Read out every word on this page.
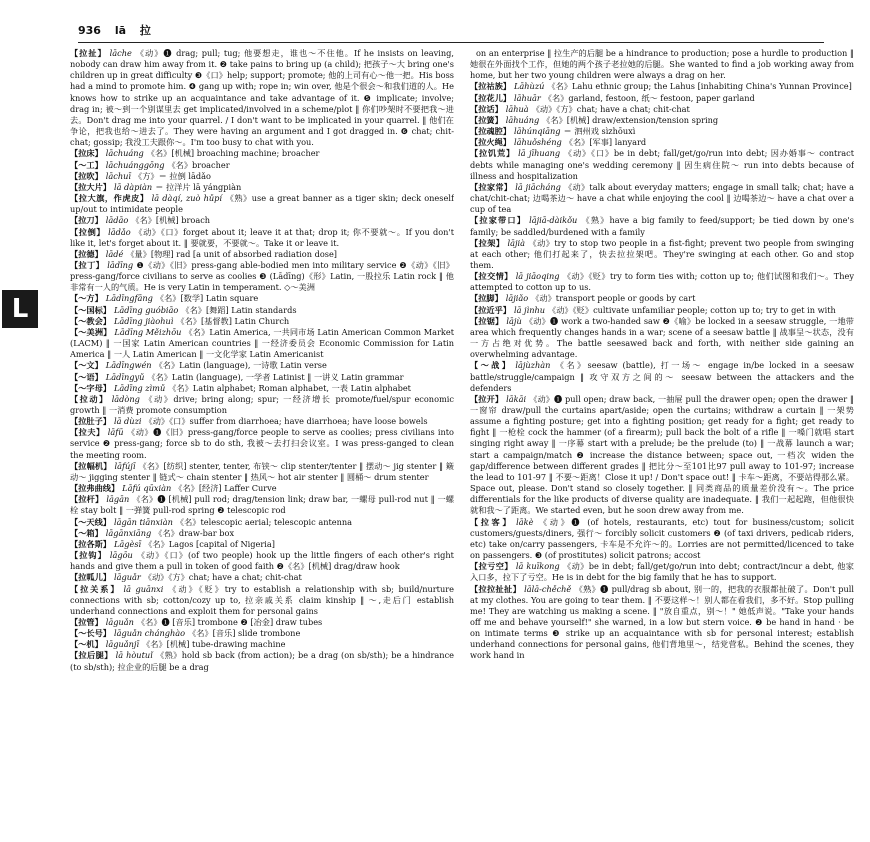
936 lā 拉
L

【拉扯】 lāche 《动》❶ drag; pull; tug; 他要想走，谁也～不住他。If he insists on leaving, nobody can draw him away from it. ❷ take pains to bring up (a child); 把孩子～大 bring one's children up in great difficulty ❸《口》help; support; promote; 他的上司有心～他一把。His boss had a mind to promote him. ❹ gang up with; rope in; win over, 他是个很会～和我们道的人。He knows how to strike up an acquaintance and take advantage of it. ❺ implicate; involve; drag in; 被～到一个别谋里去 get implicated/involved in a scheme/plot ‖ 你们吵架时不要把我～进去。Don't drag me into your quarrel. / I don't want to be implicated in your quarrel. ‖ 他们在争论，把我也给～进去了。They were having an argument and I got dragged in. ❻ chat; chit-chat; gossip; 我没工夫跟你～。I'm too busy to chat with you.

【拉床】 lāchuáng 《名》[机械] broaching machine; broacher

【～工】 lāchuánggōng 《名》broacher

【拉吹】 lāchuī 《方》＝ 拉倒 lādǎo

【拉大片】 lā dàpiàn ＝ 拉洋片 lā yángpiàn

【拉大旗，作虎皮】 lā dàqí, zuò hǔpí 《熟》use a great banner as a tiger skin; deck oneself up/out to intimidate people

【拉刀】 lādāo 《名》[机械] broach

【拉倒】 lādǎo 《动》《口》forget about it; leave it at that; drop it; 你不要就～。If you don't like it, let's forget about it. ‖ 要就要，不要就～。Take it or leave it.

【拉德】 lādé 《量》[物理] rad [a unit of absorbed radiation dose]

【拉丁】 lādīng ❶《动》《旧》press-gang able-bodied men into military service ❷《动》《旧》press-gang/force civilians to serve as coolies ❸ (Lādīng)《形》Latin, 一股拉乐 Latin rock ‖ 他非常有一人的气质。He is very Latin in temperament. ◇～美洲

【～方】 Lādīngfāng 《名》[数学] Latin square

【～国标】 Lādīng guóbiāo 《名》[舞蹈] Latin standards

【～教会】 Lādīng jiàohuì 《名》[基督教] Latin Church

【～美洲】 Lādīng Měizhōu 《名》Latin America, 一共同市场 Latin American Common Market (LACM) ‖ 一国家 Latin American countries ‖ 一经济委员会 Economic Commission for Latin America ‖ 一人 Latin American ‖ 一文化学家 Latin Americanist

【～文】 Lādīngwén 《名》Latin (language), 一诗歌 Latin verse

【～语】 Lādīngyǔ 《名》Latin (language), 一学者 Latinist ‖ 一讲义 Latin grammar

【～字母】 Lādīng zìmǔ 《名》Latin alphabet; Roman alphabet, 一表 Latin alphabet

【拉动】 lādòng 《动》drive; bring along; spur; 一经济增长 promote/fuel/spur economic growth ‖ 一消费 promote consumption

【拉肚子】 lā dùzi 《动》《口》suffer from diarrhoea; have diarrhoea; have loose bowels

【拉夫】 lāfū 《动》❶《旧》press-gang/force people to serve as coolies; press civilians into service ❷ press-gang; force sb to do sth, 我被～去打扫会议室。I was press-ganged to clean the meeting room.

【拉幅机】 lāfújī 《名》[纺织] stenter, tenter, 布铗～ clip stenter/tenter ‖ 摆动～ jig stenter ‖ 簸动～ jigging stenter ‖ 链式～ chain stenter ‖ 热风～ hot air stenter ‖ 圆桶～ drum stenter

【拉弗曲线】 Lāfú qūxiàn 《名》[经济] Laffer Curve

【拉杆】 lāgān 《名》❶ [机械] pull rod; drag/tension link; draw bar, 一螺母 pull-rod nut ‖ 一螺栓 stay bolt ‖ 一弹簧 pull-rod spring ❷ telescopic rod

【～天线】 lāgān tiānxiàn 《名》telescopic aerial; telescopic antenna

【～箱】 lāgānxiāng 《名》draw-bar box

【拉各斯】 Lāgèsī 《名》Lagos [capital of Nigeria]

【拉钩】 lāgōu 《动》《口》(of two people) hook up the little fingers of each other's right hands and give them a pull in token of good faith ❷《名》[机械] drag/draw hook

【拉呱儿】 lāguǎr 《动》《方》chat; have a chat; chit-chat

【拉关系】 lā guānxi 《动》《贬》try to establish a relationship with sb; build/nurture connections with sb; cotton/cozy up to, 拉亲戚关系 claim kinship ‖ ～,走后门 establish underhand connections and exploit them for personal gains

【拉管】 lāguǎn 《名》❶ [音乐] trombone ❷ [冶金] draw tubes

【～长号】 lāguǎn chánghào 《名》[音乐] slide trombone

【～机】 lāguǎnjī 《名》[机械] tube-drawing machine

【拉后腿】 lā hòutuǐ 《熟》hold sb back (from action); be a drag (on sb/sth); be a hindrance (to sb/sth); 拉企业的后腿 be a drag

on an enterprise ‖ 拉生产的后腿 be a hindrance to production; pose a hurdle to production ‖ 她很在外面找个工作，但她的两个孩子老拉她的后腿。She wanted to find a job working away from home, but her two young children were always a drag on her.

【拉祜族】 Lāhùzú 《名》Lahu ethnic group; the Lahus [inhabiting China's Yunnan Province]

【拉花儿】 lāhuār 《名》garland, festoon, 纸～ festoon, paper garland

【拉话】 lāhuà 《动》《方》chat; have a chat; chit-chat

【拉簧】 lāhuáng 《名》[机械] draw/extension/tension spring

【拉魂腔】 lāhúnqiāng ＝ 泗州戏 sìzhōuxì

【拉火绳】 lāhuǒshéng 《名》[军事] lanyard

【拉饥荒】 lā jīhuang 《动》《口》be in debt; fall/get/go/run into debt; 因办婚事～ contract debts while managing one's wedding ceremony ‖ 因生病住院～ run into debts because of illness and hospitalization

【拉家常】 lā jiācháng 《动》talk about everyday matters; engage in small talk; chat; have a chat/chit-chat; 边喝茶边～ have a chat while enjoying the cool ‖ 边喝茶边～ have a chat over a cup of tea

【拉家带口】 lājiā-dàikǒu 《熟》have a big family to feed/support; be tied down by one's family; be saddled/burdened with a family

【拉架】 lājià 《动》try to stop two people in a fist-fight; prevent two people from swinging at each other; 他们打起来了，快去拉拉架吧。They're swinging at each other. Go and stop them.

【拉交情】 lā jiāoqing 《动》《贬》try to form ties with; cotton up to; 他们试图和我们～。They attempted to cotton up to us.

【拉脚】 lājiǎo 《动》transport people or goods by cart

【拉近乎】 lā jìnhu 《动》《贬》cultivate unfamiliar people; cotton up to; try to get in with

【拉锯】 lājù 《动》❶ work a two-handed saw ❷《喻》be locked in a seesaw struggle, 一地带 area which frequently changes hands in a war; scene of a seesaw battle ‖ 战事呈～状态，没有一方占绝对优势。The battle seesawed back and forth, with neither side gaining an overwhelming advantage.

【～战】 lājùzhàn 《名》seesaw (battle), 打一场～ engage in/be locked in a seesaw battle/struggle/campaign ‖ 攻守双方之间的～ seesaw between the attackers and the defenders

【拉开】 lākāi 《动》❶ pull open; draw back, 一抽屉 pull the drawer open; open the drawer ‖ 一窗帘 draw/pull the curtains apart/aside; open the curtains; withdraw a curtain ‖ 一架势 assume a fighting posture; get into a fighting position; get ready for a fight; get ready to fight ‖ 一枪栓 cock the hammer (of a firearm); pull back the bolt of a rifle ‖ 一嗓门就唱 start singing right away ‖ 一序幕 start with a prelude; be the prelude (to) ‖ 一战幕 launch a war; start a campaign/match ❷ increase the distance between; space out, 一档次 widen the gap/difference between different grades ‖ 把比分～至101比97 pull away to 101-97; increase the lead to 101-97 ‖ 不要～距离！Close it up! / Don't space out! ‖ 卡车～距离，不要站得那么紧。Space out, please. Don't stand so closely together. ‖ 同类商品的质量差价没有～。The price differentials for the like products of diverse quality are inadequate. ‖ 我们一起起跑，但他很快就和我～了距离。We started even, but he soon drew away from me.

【拉客】 lākè 《动》❶ (of hotels, restaurants, etc) tout for business/custom; solicit customers/guests/diners, 强行～ forcibly solicit customers ❷ (of taxi drivers, pedicab riders, etc) take on/carry passengers, 卡车是不允许～的。Lorries are not permitted/licenced to take on passengers. ❸ (of prostitutes) solicit patrons; accost

【拉亏空】 lā kuīkong 《动》be in debt; fall/get/go/run into debt; contract/incur a debt, 他家入口多，拉下了亏空。He is in debt for the big family that he has to support.

【拉拉扯扯】 lālā-chěchě 《熟》❶ pull/drag sb about, 别一的，把我的衣服都扯破了。Don't pull at my clothes. You are going to tear them. ‖ 不要这样～！别人都在看我们，多不好。Stop pulling me! They are watching us making a scene. ‖ "放自重点，别～！" 她低声说。"Take your hands off me and behave yourself!" she warned, in a low but stern voice. ❷ be hand in hand · be on intimate terms ❸ strike up an acquaintance with sb for personal interest; establish underhand connections for personal gains, 他们背地里～，结党营私。Behind the scenes, they work hand in
